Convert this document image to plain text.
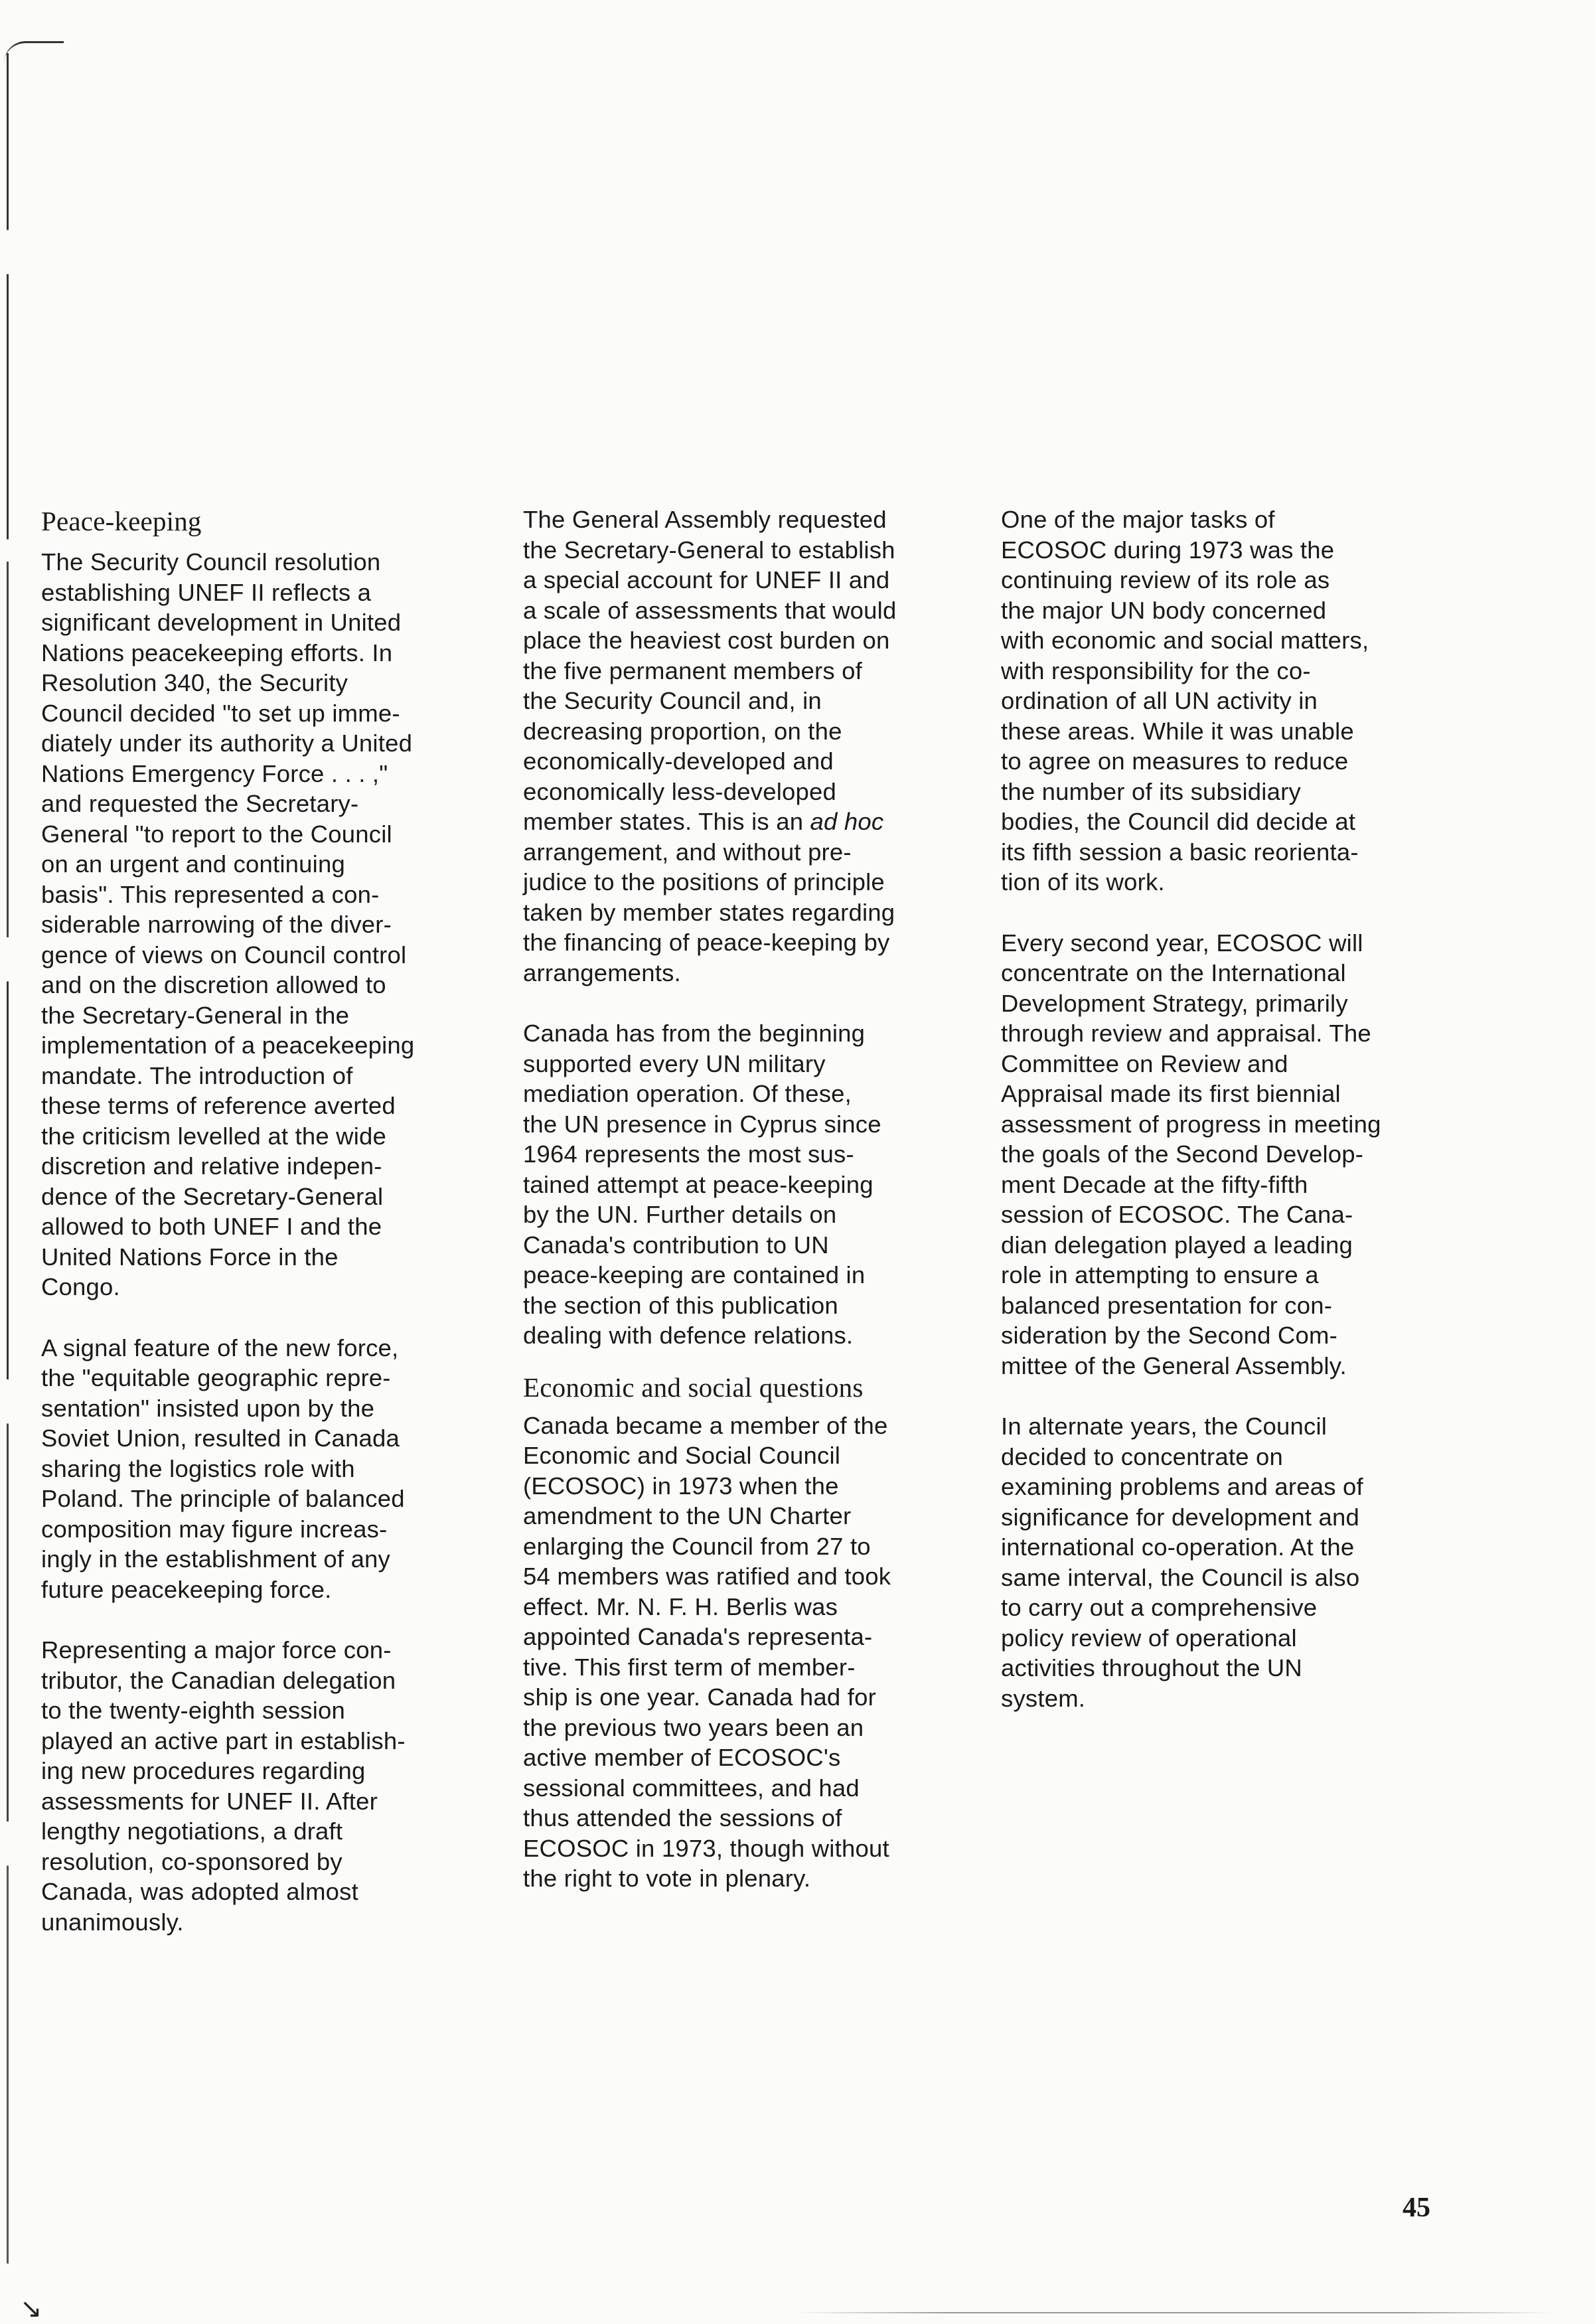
Peace-keeping

The Security Council resolution
establishing UNEF II reflects a
significant development in United
Nations peacekeeping efforts. In
Resolution 340, the Security
Council decided "to set up imme-
diately under its authority a United
Nations Emergency Force . . . ,"
and requested the Secretary-
General "to report to the Council
on an urgent and continuing
basis". This represented a con-
siderable narrowing of the diver-
gence of views on Council control
and on the discretion allowed to
the Secretary-General in the
implementation of a peacekeeping
mandate. The introduction of
these terms of reference averted
the criticism levelled at the wide
discretion and relative indepen-
dence of the Secretary-General
allowed to both UNEF I and the
United Nations Force in the
Congo.

A signal feature of the new force,
the "equitable geographic repre-
sentation" insisted upon by the
Soviet Union, resulted in Canada
sharing the logistics role with
Poland. The principle of balanced
composition may figure increas-
ingly in the establishment of any
future peacekeeping force.

Representing a major force con-
tributor, the Canadian delegation
to the twenty-eighth session
played an active part in establish-
ing new procedures regarding
assessments for UNEF II. After
lengthy negotiations, a draft
resolution, co-sponsored by
Canada, was adopted almost
unanimously.

The General Assembly requested
the Secretary-General to establish
a special account for UNEF II and
a scale of assessments that would
place the heaviest cost burden on
the five permanent members of
the Security Council and, in
decreasing proportion, on the
economically-developed and
economically less-developed
member states. This is an ad hoc
arrangement, and without pre-
judice to the positions of principle
taken by member states regarding
the financing of peace-keeping by
arrangements.

Canada has from the beginning
supported every UN military
mediation operation. Of these,
the UN presence in Cyprus since
1964 represents the most sus-
tained attempt at peace-keeping
by the UN. Further details on
Canada's contribution to UN
peace-keeping are contained in
the section of this publication
dealing with defence relations.

Economic and social questions

Canada became a member of the
Economic and Social Council
(ECOSOC) in 1973 when the
amendment to the UN Charter
enlarging the Council from 27 to
54 members was ratified and took
effect. Mr. N. F. H. Berlis was
appointed Canada's representa-
tive. This first term of member-
ship is one year. Canada had for
the previous two years been an
active member of ECOSOC's
sessional committees, and had
thus attended the sessions of
ECOSOC in 1973, though without
the right to vote in plenary.

One of the major tasks of
ECOSOC during 1973 was the
continuing review of its role as
the major UN body concerned
with economic and social matters,
with responsibility for the co-
ordination of all UN activity in
these areas. While it was unable
to agree on measures to reduce
the number of its subsidiary
bodies, the Council did decide at
its fifth session a basic reorienta-
tion of its work.

Every second year, ECOSOC will
concentrate on the International
Development Strategy, primarily
through review and appraisal. The
Committee on Review and
Appraisal made its first biennial
assessment of progress in meeting
the goals of the Second Develop-
ment Decade at the fifty-fifth
session of ECOSOC. The Cana-
dian delegation played a leading
role in attempting to ensure a
balanced presentation for con-
sideration by the Second Com-
mittee of the General Assembly.

In alternate years, the Council
decided to concentrate on
examining problems and areas of
significance for development and
international co-operation. At the
same interval, the Council is also
to carry out a comprehensive
policy review of operational
activities throughout the UN
system.

45
↘
